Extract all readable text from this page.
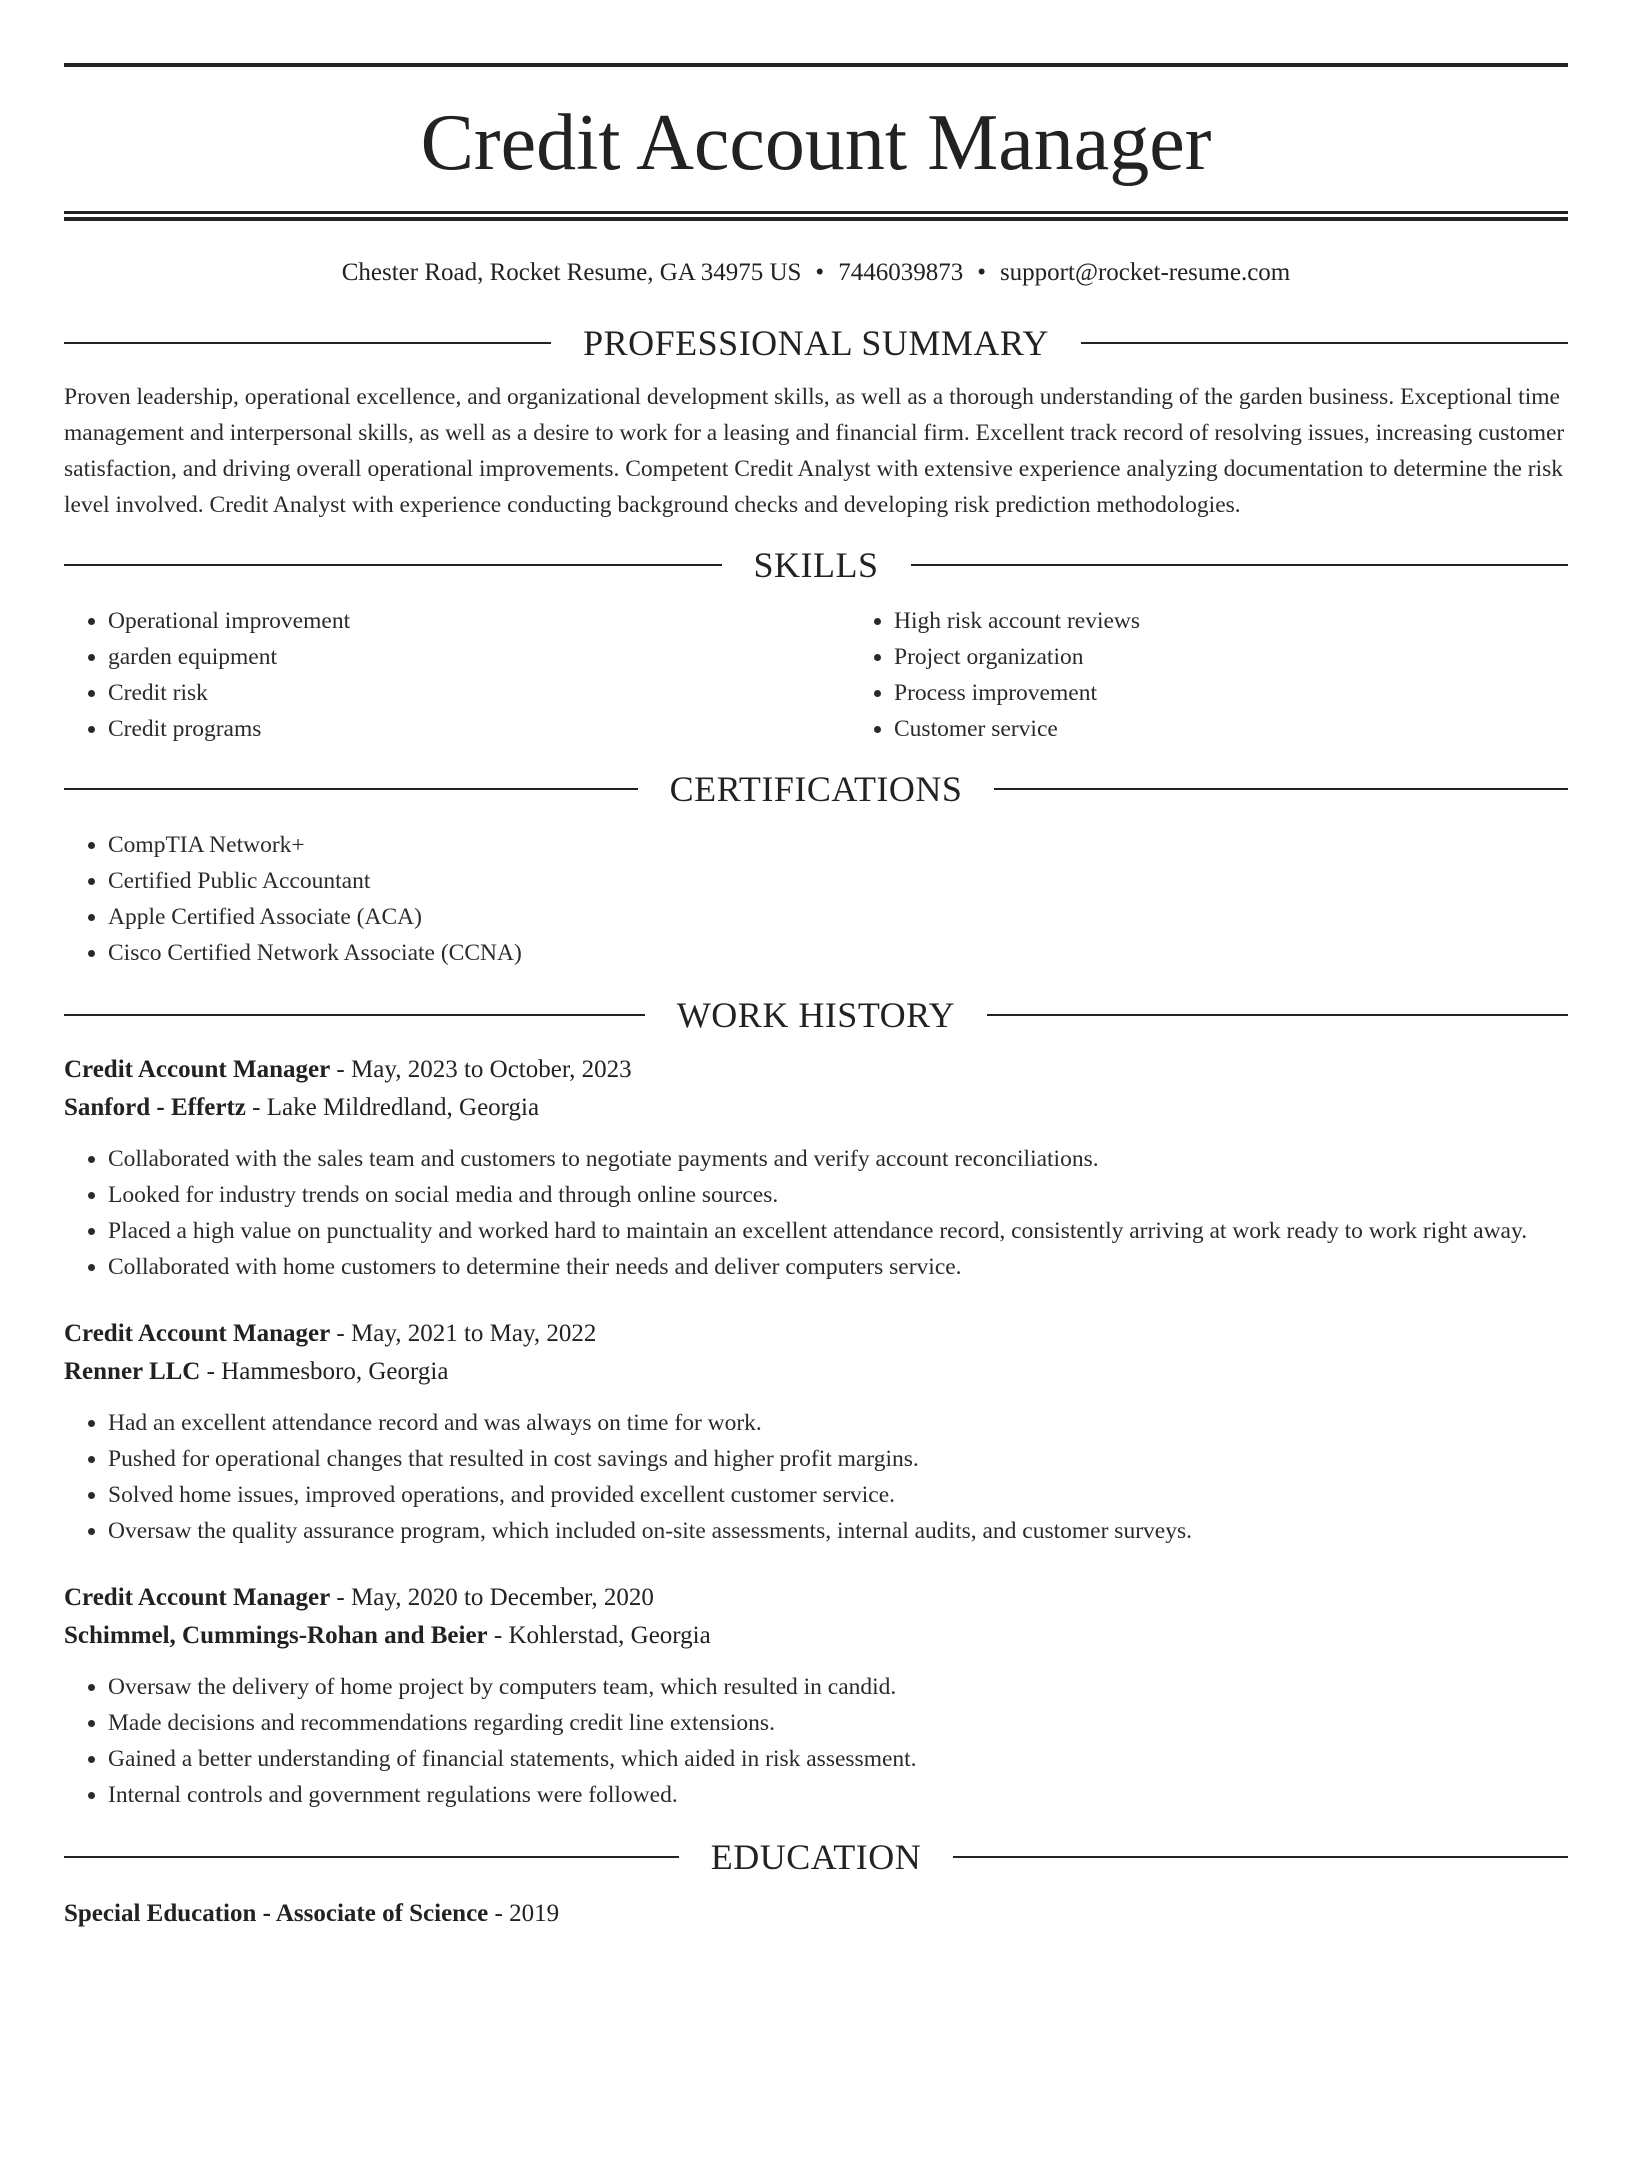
Credit Account Manager
Chester Road, Rocket Resume, GA 34975 US • 7446039873 • support@rocket-resume.com
PROFESSIONAL SUMMARY

Proven leadership, operational excellence, and organizational development skills, as well as a thorough understanding of the garden business. Exceptional time management and interpersonal skills, as well as a desire to work for a leasing and financial firm. Excellent track record of resolving issues, increasing customer satisfaction, and driving overall operational improvements. Competent Credit Analyst with extensive experience analyzing documentation to determine the risk level involved. Credit Analyst with experience conducting background checks and developing risk prediction methodologies.

SKILLS
• Operational improvement
• garden equipment
• Credit risk
• Credit programs
• High risk account reviews
• Project organization
• Process improvement
• Customer service
CERTIFICATIONS
• CompTIA Network+
• Certified Public Accountant
• Apple Certified Associate (ACA)
• Cisco Certified Network Associate (CCNA)
WORK HISTORY
Credit Account Manager - May, 2023 to October, 2023
Sanford - Effertz - Lake Mildredland, Georgia
• Collaborated with the sales team and customers to negotiate payments and verify account reconciliations.
• Looked for industry trends on social media and through online sources.
• Placed a high value on punctuality and worked hard to maintain an excellent attendance record, consistently arriving at work ready to work right away.
• Collaborated with home customers to determine their needs and deliver computers service.
Credit Account Manager - May, 2021 to May, 2022
Renner LLC - Hammesboro, Georgia
• Had an excellent attendance record and was always on time for work.
• Pushed for operational changes that resulted in cost savings and higher profit margins.
• Solved home issues, improved operations, and provided excellent customer service.
• Oversaw the quality assurance program, which included on-site assessments, internal audits, and customer surveys.
Credit Account Manager - May, 2020 to December, 2020
Schimmel, Cummings-Rohan and Beier - Kohlerstad, Georgia
• Oversaw the delivery of home project by computers team, which resulted in candid.
• Made decisions and recommendations regarding credit line extensions.
• Gained a better understanding of financial statements, which aided in risk assessment.
• Internal controls and government regulations were followed.
EDUCATION
Special Education - Associate of Science - 2019
